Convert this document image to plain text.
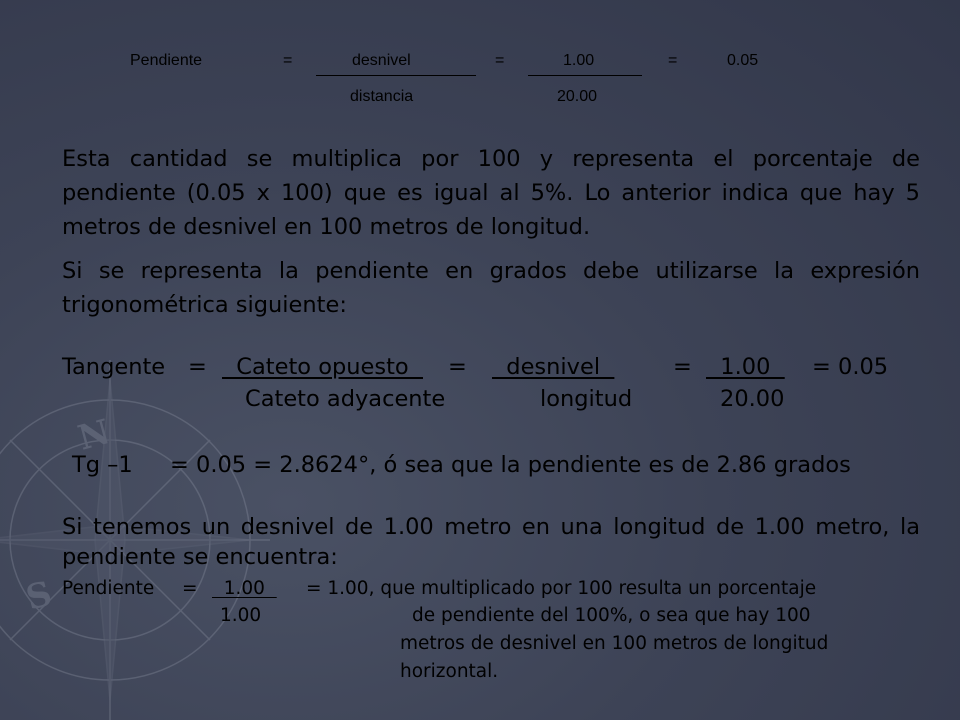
N
S
Pendiente	=	desnivel
distancia
=	1.00
20.00
=	0.05
Esta cantidad se multiplica por 100 y representa el porcentaje de pendiente (0.05 x 100) que es igual al 5%. Lo anterior indica que hay 5 metros de desnivel en 100 metros de longitud.
Si se representa la pendiente en grados debe utilizarse la expresión trigonométrica siguiente:
Tangente = Cateto opuesto
Cateto adyacente
= desnivel
longitud
= 1.00
20.00
= 0.05
Tg –1 = 0.05 = 2.8624°, ó sea que la pendiente es de 2.86 grados
Si tenemos un desnivel de 1.00 metro en una longitud de 1.00 metro, la pendiente se encuentra:
Pendiente = 1.00
1.00
= 1.00, que multiplicado por 100 resulta un porcentaje
de pendiente del 100%, o sea que hay 100
metros de desnivel en 100 metros de longitud
horizontal.
